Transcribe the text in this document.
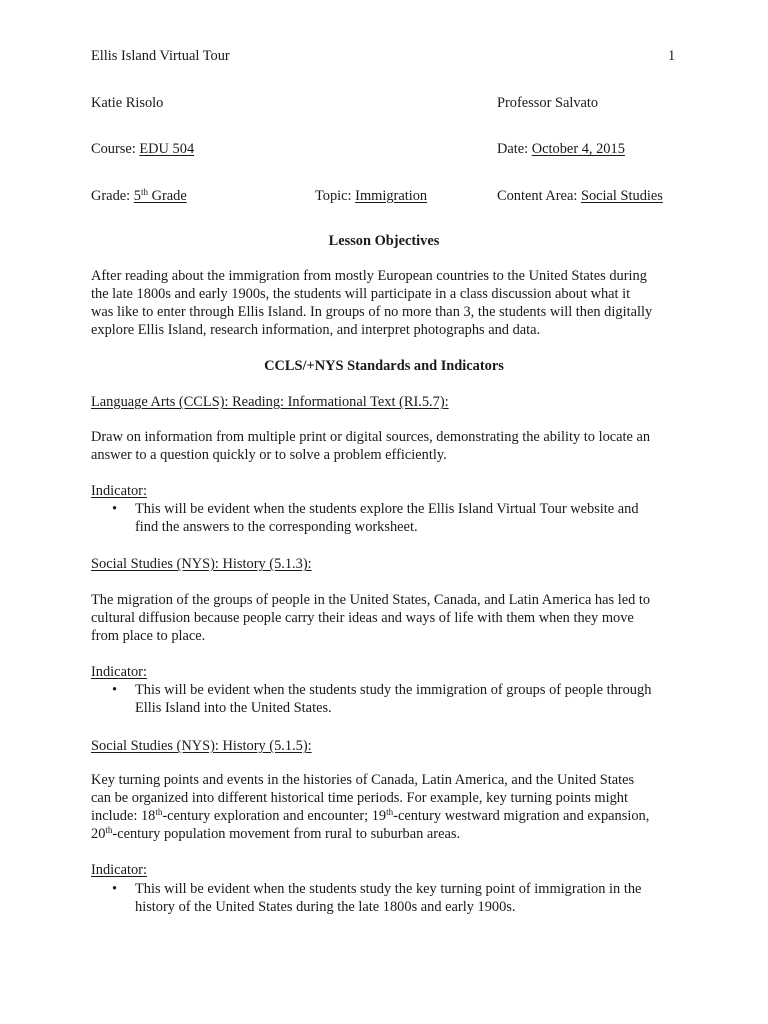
Ellis Island Virtual Tour	1
Katie Risolo	Professor Salvato
Course: EDU 504	Date: October 4, 2015
Grade: 5th Grade	Topic: Immigration	Content Area: Social Studies
Lesson Objectives
After reading about the immigration from mostly European countries to the United States during
the late 1800s and early 1900s, the students will participate in a class discussion about what it
was like to enter through Ellis Island. In groups of no more than 3, the students will then digitally
explore Ellis Island, research information, and interpret photographs and data.
CCLS/+NYS Standards and Indicators
Language Arts (CCLS): Reading: Informational Text (RI.5.7):
Draw on information from multiple print or digital sources, demonstrating the ability to locate an
answer to a question quickly or to solve a problem efficiently.
Indicator:
• This will be evident when the students explore the Ellis Island Virtual Tour website and
find the answers to the corresponding worksheet.
Social Studies (NYS): History (5.1.3):
The migration of the groups of people in the United States, Canada, and Latin America has led to
cultural diffusion because people carry their ideas and ways of life with them when they move
from place to place.
Indicator:
• This will be evident when the students study the immigration of groups of people through
Ellis Island into the United States.
Social Studies (NYS): History (5.1.5):
Key turning points and events in the histories of Canada, Latin America, and the United States
can be organized into different historical time periods. For example, key turning points might
include: 18th-century exploration and encounter; 19th-century westward migration and expansion,
20th-century population movement from rural to suburban areas.
Indicator:
• This will be evident when the students study the key turning point of immigration in the
history of the United States during the late 1800s and early 1900s.
